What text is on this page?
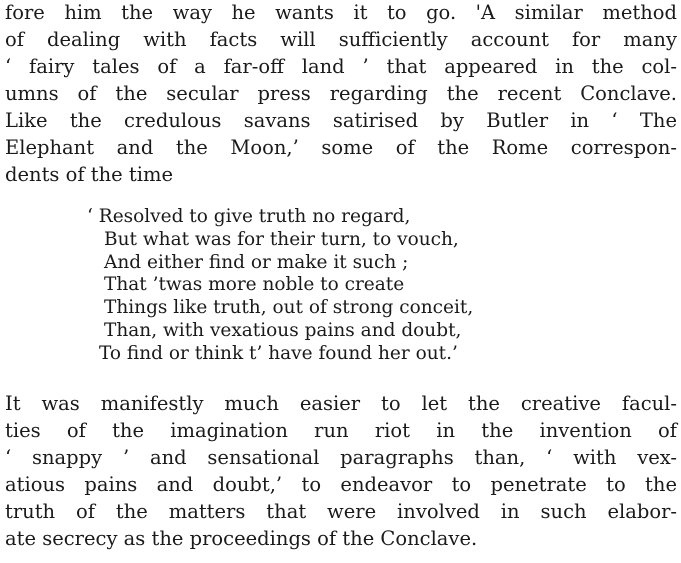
fore him the way he wants it to go. 'A similar method
of dealing with facts will sufficiently account for many
‘ fairy tales of a far-off land ’ that appeared in the col-
umns of the secular press regarding the recent Conclave.
Like the credulous savans satirised by Butler in ‘ The
Elephant and the Moon,’ some of the Rome correspon-
dents of the time
‘ Resolved to give truth no regard,
But what was for their turn, to vouch,
And either find or make it such ;
That ’twas more noble to create
Things like truth, out of strong conceit,
Than, with vexatious pains and doubt,
To find or think t’ have found her out.’
It was manifestly much easier to let the creative facul-
ties of the imagination run riot in the invention of
‘ snappy ’ and sensational paragraphs than, ‘ with vex-
atious pains and doubt,’ to endeavor to penetrate to the
truth of the matters that were involved in such elabor-
ate secrecy as the proceedings of the Conclave.
